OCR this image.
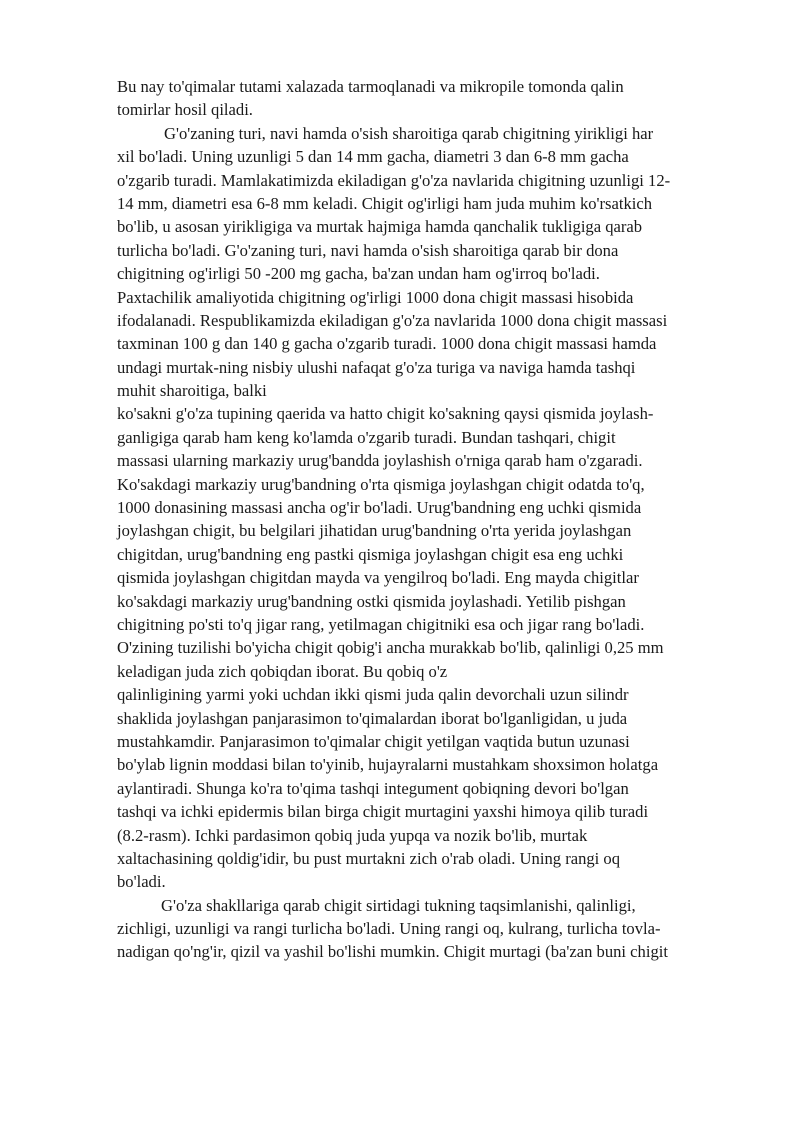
Bu nay to'qimalar tutami xalazada tarmoqlanadi va mikropile tomonda qalin
tomirlar hosil qiladi.
G'o'zaning turi, navi hamda o'sish sharoitiga qarab chigitning yirikligi har
xil bo'ladi. Uning uzunligi 5 dan 14 mm gacha, diametri 3 dan 6-8 mm gacha
o'zgarib turadi. Mamlakatimizda ekiladigan g'o'za navlarida chigitning uzunligi 12-
14 mm, diametri esa 6-8 mm keladi. Chigit og'irligi ham juda muhim ko'rsatkich
bo'lib, u asosan yirikligiga va murtak hajmiga hamda qanchalik tukligiga qarab
turlicha bo'ladi. G'o'zaning turi, navi hamda o'sish sharoitiga qarab bir dona
chigitning og'irligi 50 -200 mg gacha, ba'zan undan ham og'irroq bo'ladi.
Paxtachilik amaliyotida chigitning og'irligi 1000 dona chigit massasi hisobida
ifodalanadi. Respublikamizda ekiladigan g'o'za navlarida 1000 dona chigit massasi
taxminan 100 g dan 140 g gacha o'zgarib turadi. 1000 dona chigit massasi hamda
undagi murtak-ning nisbiy ulushi nafaqat g'o'za turiga va naviga hamda tashqi
muhit sharoitiga, balki
ko'sakni g'o'za tupining qaerida va hatto chigit ko'sakning qaysi qismida joylash-
ganligiga qarab ham keng ko'lamda o'zgarib turadi. Bundan tashqari, chigit
massasi ularning markaziy urug'bandda joylashish o'rniga qarab ham o'zgaradi.
Ko'sakdagi markaziy urug'bandning o'rta qismiga joylashgan chigit odatda to'q,
1000 donasining massasi ancha og'ir bo'ladi. Urug'bandning eng uchki qismida
joylashgan chigit, bu belgilari jihatidan urug'bandning o'rta yerida joylashgan
chigitdan, urug'bandning eng pastki qismiga joylashgan chigit esa eng uchki
qismida joylashgan chigitdan mayda va yengilroq bo'ladi. Eng mayda chigitlar
ko'sakdagi markaziy urug'bandning ostki qismida joylashadi. Yetilib pishgan
chigitning po'sti to'q jigar rang, yetilmagan chigitniki esa och jigar rang bo'ladi.
O'zining tuzilishi bo'yicha chigit qobig'i ancha murakkab bo'lib, qalinligi 0,25 mm
keladigan juda zich qobiqdan iborat. Bu qobiq o'z
qalinligining yarmi yoki uchdan ikki qismi juda qalin devorchali uzun silindr
shaklida joylashgan panjarasimon to'qimalardan iborat bo'lganligidan, u juda
mustahkamdir. Panjarasimon to'qimalar chigit yetilgan vaqtida butun uzunasi
bo'ylab lignin moddasi bilan to'yinib, hujayralarni mustahkam shoxsimon holatga
aylantiradi. Shunga ko'ra to'qima tashqi integument qobiqning devori bo'lgan
tashqi va ichki epidermis bilan birga chigit murtagini yaxshi himoya qilib turadi
(8.2-rasm). Ichki pardasimon qobiq juda yupqa va nozik bo'lib, murtak
xaltachasining qoldig'idir, bu pust murtakni zich o'rab oladi. Uning rangi oq
bo'ladi.
G'o'za shakllariga qarab chigit sirtidagi tukning taqsimlanishi, qalinligi,
zichligi, uzunligi va rangi turlicha bo'ladi. Uning rangi oq, kulrang, turlicha tovla-
nadigan qo'ng'ir, qizil va yashil bo'lishi mumkin. Chigit murtagi (ba'zan buni chigit
